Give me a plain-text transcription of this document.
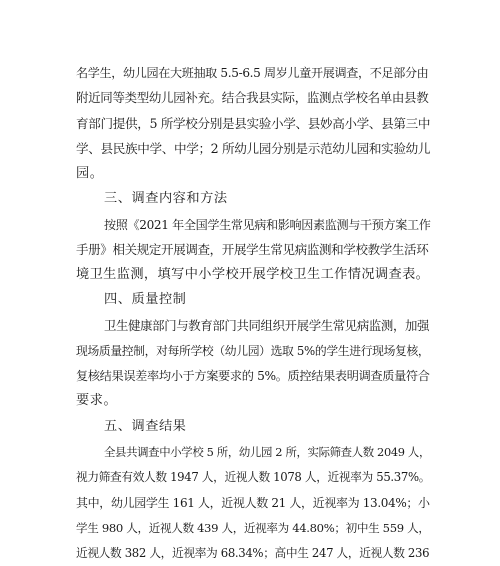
名学生，幼儿园在大班抽取 5.5-6.5 周岁儿童开展调查，不足部分由
附近同等类型幼儿园补充。结合我县实际，监测点学校名单由县教
育部门提供，5 所学校分别是县实验小学、县妙高小学、县第三中
学、县民族中学、中学；2 所幼儿园分别是示范幼儿园和实验幼儿
园。
三、调查内容和方法
按照《2021 年全国学生常见病和影响因素监测与干预方案工作
手册》相关规定开展调查，开展学生常见病监测和学校教学生活环
境卫生监测，填写中小学校开展学校卫生工作情况调查表。
四、质量控制
卫生健康部门与教育部门共同组织开展学生常见病监测，加强
现场质量控制，对每所学校（幼儿园）选取 5%的学生进行现场复核，
复核结果误差率均小于方案要求的 5%。质控结果表明调查质量符合
要求。
五、调查结果
全县共调查中小学校 5 所，幼儿园 2 所，实际筛查人数 2049 人，
视力筛查有效人数 1947 人，近视人数 1078 人，近视率为 55.37%。
其中，幼儿园学生 161 人，近视人数 21 人，近视率为 13.04%；小
学生 980 人，近视人数 439 人，近视率为 44.80%；初中生 559 人，
近视人数 382 人，近视率为 68.34%；高中生 247 人，近视人数 236
